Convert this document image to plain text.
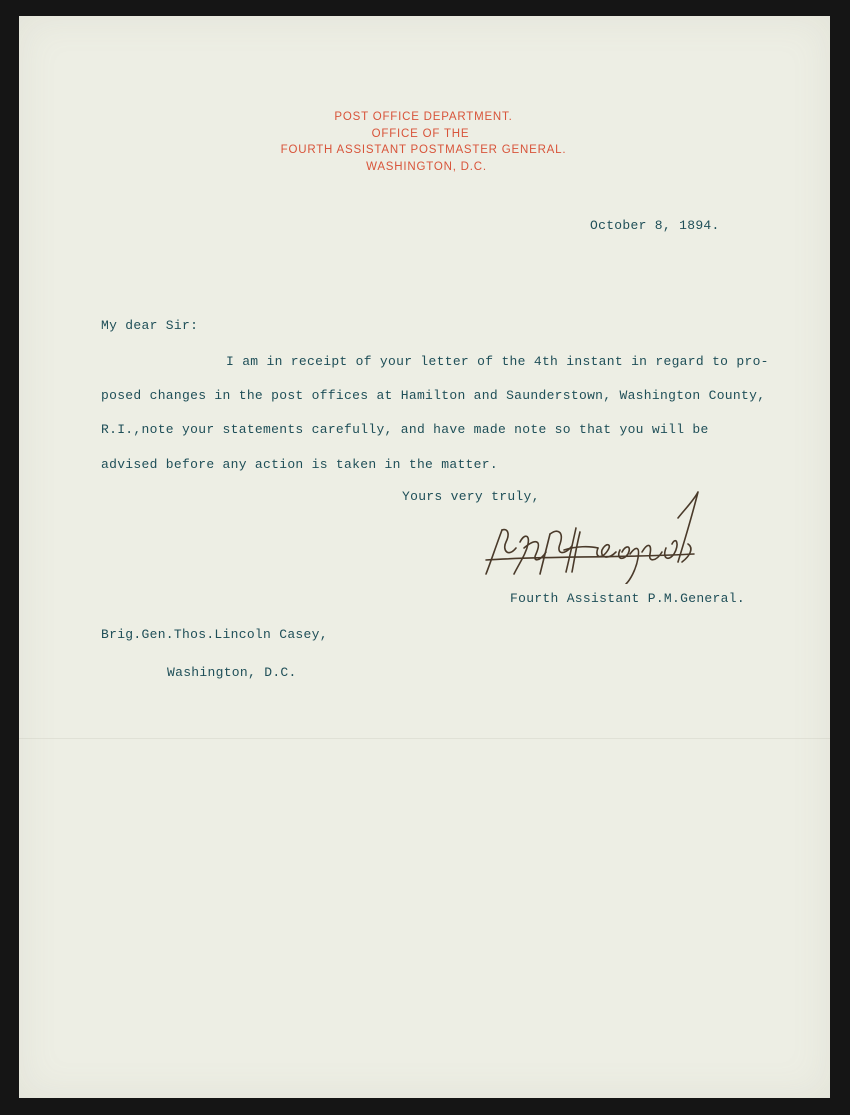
POST OFFICE DEPARTMENT.
OFFICE OF THE
FOURTH ASSISTANT POSTMASTER GENERAL.
WASHINGTON, D.C.
October 8, 1894.
My dear Sir:
I am in receipt of your letter of the 4th instant in regard to pro-
posed changes in the post offices at Hamilton and Saunderstown, Washington County,
R.I.,note your statements carefully, and have made note so that you will be
advised before any action is taken in the matter.
Yours very truly,
Fourth Assistant P.M.General.
Brig.Gen.Thos.Lincoln Casey,
Washington, D.C.
